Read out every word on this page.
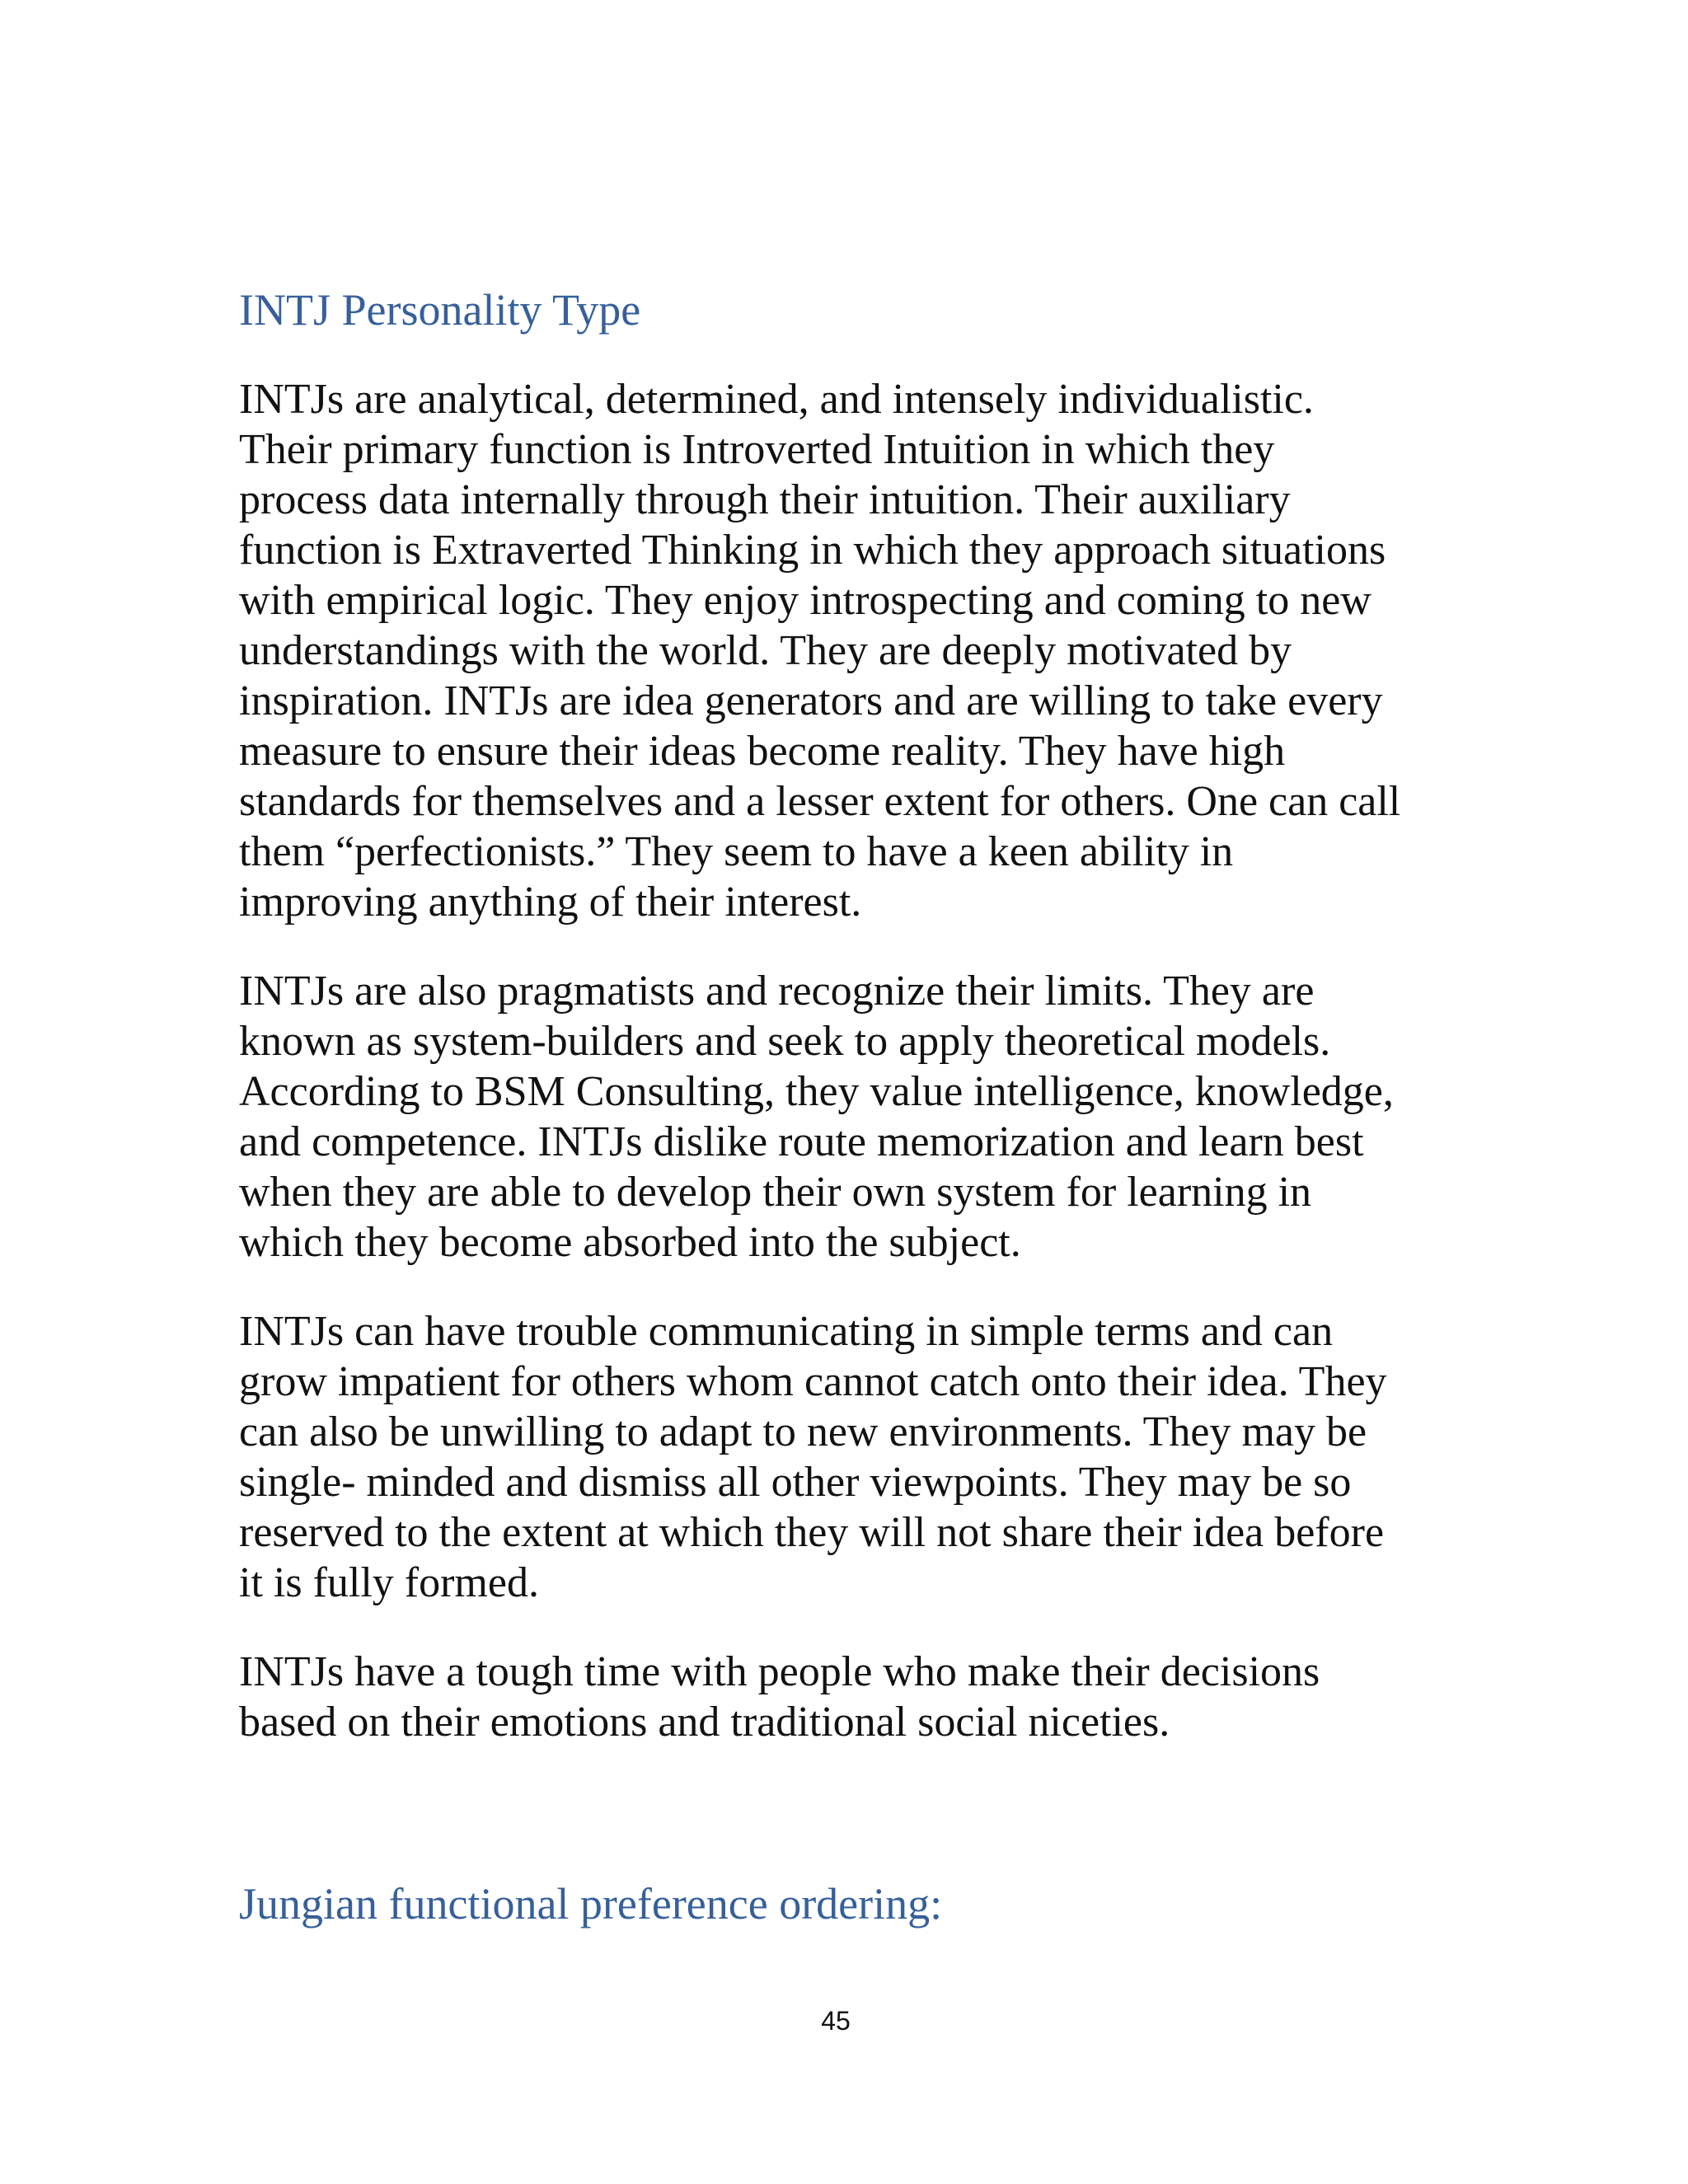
INTJ Personality Type

INTJs are analytical, determined, and intensely individualistic.
Their primary function is Introverted Intuition in which they
process data internally through their intuition. Their auxiliary
function is Extraverted Thinking in which they approach situations
with empirical logic. They enjoy introspecting and coming to new
understandings with the world. They are deeply motivated by
inspiration. INTJs are idea generators and are willing to take every
measure to ensure their ideas become reality. They have high
standards for themselves and a lesser extent for others. One can call
them “perfectionists.” They seem to have a keen ability in
improving anything of their interest.

INTJs are also pragmatists and recognize their limits. They are
known as system-builders and seek to apply theoretical models.
According to BSM Consulting, they value intelligence, knowledge,
and competence. INTJs dislike route memorization and learn best
when they are able to develop their own system for learning in
which they become absorbed into the subject.

INTJs can have trouble communicating in simple terms and can
grow impatient for others whom cannot catch onto their idea. They
can also be unwilling to adapt to new environments. They may be
single- minded and dismiss all other viewpoints. They may be so
reserved to the extent at which they will not share their idea before
it is fully formed.

INTJs have a tough time with people who make their decisions
based on their emotions and traditional social niceties.

Jungian functional preference ordering:
45
